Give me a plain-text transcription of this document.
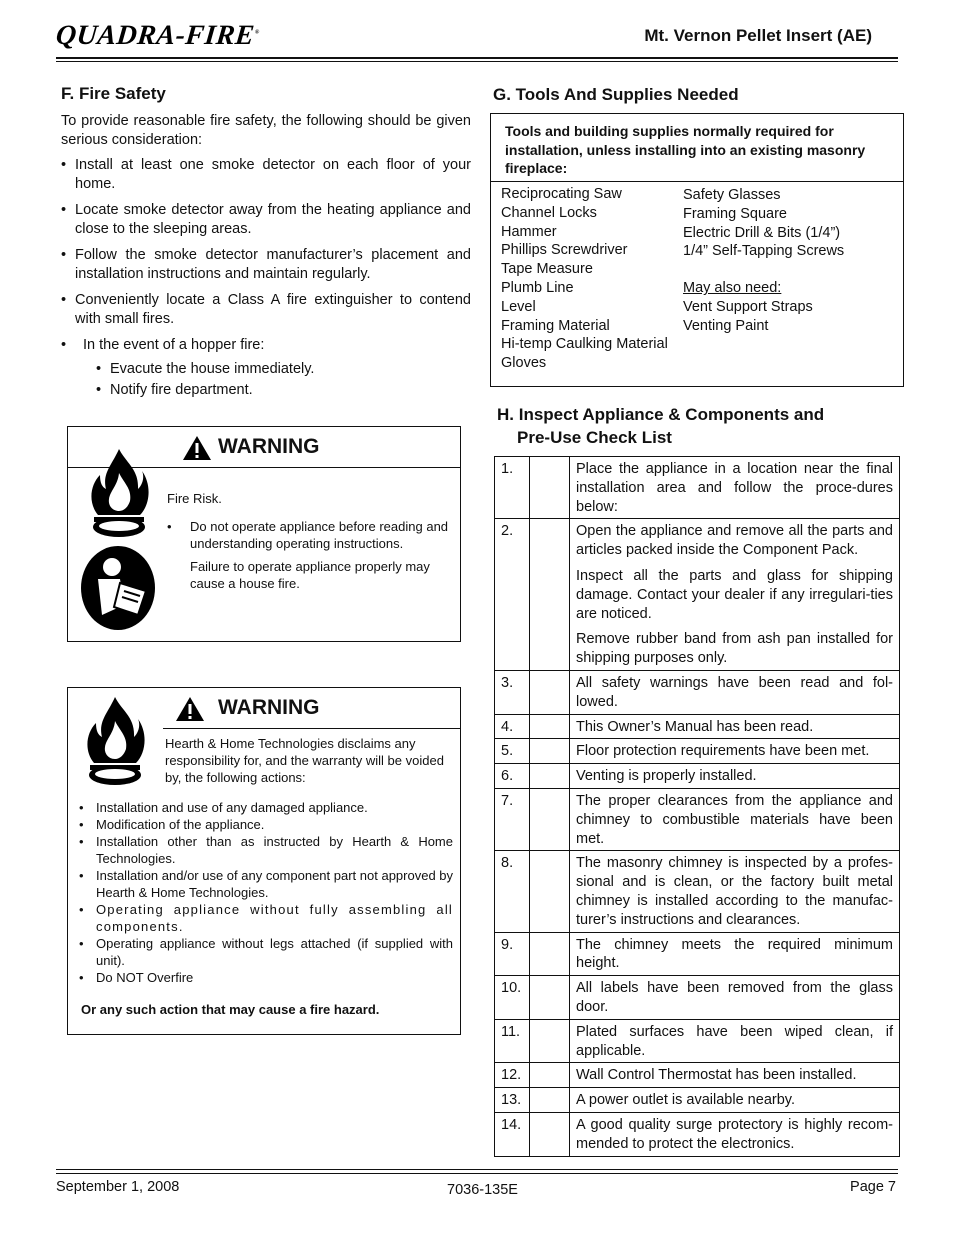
QUADRA-FIRE®	Mt. Vernon Pellet Insert (AE)
F. Fire Safety

To provide reasonable fire safety, the following should be given serious consideration:

• Install at least one smoke detector on each floor of your home.
• Locate smoke detector away from the heating appliance and close to the sleeping areas.
• Follow the smoke detector manufacturer’s placement and installation instructions and maintain regularly.
• Conveniently locate a Class A fire extinguisher to contend with small fires.
• In the event of a hopper fire:
• Evacute the house immediately.
• Notify fire department.
WARNING

Fire Risk.

• Do not operate appliance before reading and understanding operating instructions.

Failure to operate appliance properly may cause a house fire.

WARNING

Hearth & Home Technologies disclaims any responsibility for, and the warranty will be voided by, the following actions:

• Installation and use of any damaged appliance.
• Modification of the appliance.
• Installation other than as instructed by Hearth & Home Technologies.
• Installation and/or use of any component part not approved by Hearth & Home Technologies.
• Operating appliance without fully assembling all components.
• Operating appliance without legs attached (if supplied with unit).
• Do NOT Overfire

Or any such action that may cause a fire hazard.

G. Tools And Supplies Needed

Tools and building supplies normally required for installation, unless installing into an existing masonry fireplace:

Reciprocating Saw
Channel Locks
Hammer
Phillips Screwdriver
Tape Measure
Plumb Line
Level
Framing Material
Hi-temp Caulking Material
Gloves
Safety Glasses
Framing Square
Electric Drill & Bits (1/4”)
1/4” Self-Tapping Screws
May also need:
Vent Support Straps
Venting Paint
H. Inspect Appliance & Components and
Pre-Use Check List
1.		Place the appliance in a location near the final installation area and follow the proce-dures below:

2.		Open the appliance and remove all the parts and articles packed inside the Component Pack.

Inspect all the parts and glass for shipping damage. Contact your dealer if any irregulari-ties are noticed.

Remove rubber band from ash pan installed for shipping purposes only.

3.		All safety warnings have been read and fol-lowed.

4.		This Owner’s Manual has been read.

5.		Floor protection requirements have been met.

6.		Venting is properly installed.

7.		The proper clearances from the appliance and chimney to combustible materials have been met.

8.		The masonry chimney is inspected by a profes-sional and is clean, or the factory built metal chimney is installed according to the manufac-turer’s instructions and clearances.

9.		The chimney meets the required minimum height.

10.		All labels have been removed from the glass door.

11.		Plated surfaces have been wiped clean, if applicable.

12.		Wall Control Thermostat has been installed.

13.		A power outlet is available nearby.

14.		A good quality surge protectory is highly recom-mended to protect the electronics.

September 1, 2008	7036-135E	Page 7
